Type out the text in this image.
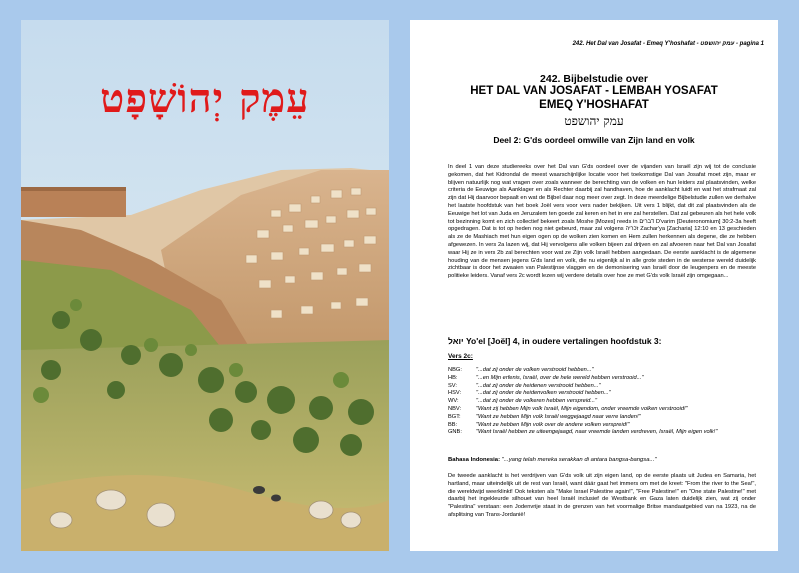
עֵמֶק יְהוֹשָׁפָט
242. Het Dal van Josafat - Emeq Y'hoshafat - עמק יהושפט - pagina 1
242. Bijbelstudie over
HET DAL VAN JOSAFAT - LEMBAH YOSAFAT
EMEQ Y'HOSHAFAT
עמק יהושפט
Deel 2: G'ds oordeel omwille van Zijn land en volk
In deel 1 van deze studiereeks over het Dal van G'ds oordeel over de vijanden van Israël zijn wij tot de conclusie gekomen, dat het Kidrondal de meest waarschijnlijke locatie voor het toekomstige Dal van Josafat moet zijn, maar er blijven natuurlijk nog wat vragen over zoals wanneer de berechting van de volken en hun leiders zal plaatsvinden, welke criteria de Eeuwige als Aanklager en als Rechter daarbij zal handhaven, hoe de aanklacht luidt en wat het strafmaat zal zijn dat Hij daarvoor bepaalt en wat de Bijbel daar nog meer over zegt. In deze meerdelige Bijbelstudie zullen we derhalve het laatste hoofdstuk van het boek Joël vers voor vers nader bekijken. Uit vers 1 blijkt, dat dit zal plaatsvinden als de Eeuwige het lot van Juda en Jeruzalem ten goede zal keren en het in ere zal herstellen. Dat zal gebeuren als het hele volk tot bezinning komt en zich collectief bekeert zoals Moshe [Mozes] reeds in דברים D'varim [Deuteronomium] 30:2-3a heeft opgedragen. Dat is tot op heden nog niet gebeurd, maar zal volgens זכריה Zachar'ya [Zacharia] 12:10 en 13 geschieden als ze de Mashiach met hun eigen ogen op de wolken zien komen en Hem zullen herkennen als degene, die ze hebben afgewezen. In vers 2a lazen wij, dat Hij vervolgens alle volken bijeen zal drijven en zal afvoeren naar het Dal van Josafat waar Hij ze in vers 2b zal berechten voor wat ze Zijn volk Israël hebben aangedaan. De eerste aanklacht is de algemene houding van de mensen jegens G'ds land en volk, die nu eigenlijk al in alle grote steden in de westerse wereld duidelijk zichtbaar is door het zwaaien van Palestijnse vlaggen en de demonisering van Israël door de leugenpers en de meeste politieke leiders. Vanaf vers 2c wordt lezen wij verdere details over hoe ze met G'ds volk Israël zijn omgegaan...
יואל Yo'el [Joël] 4, in oudere vertalingen hoofdstuk 3:
Vers 2c:
NBG:	"...dat zij onder de volken verstrooid hebben..."
HB:	"...en Mijn erfenis, Israël, over de hele wereld hebben verstrooid..."
SV:	"...dat zij onder de heidenen verstrooid hebben..."
HSV:	"...dat zij onder de heidenvolken verstrooid hebben..."
WV:	"...dat zij onder de volkeren hebben verspreid..."
NBV:	"Want zij hebben Mijn volk Israël, Mijn eigendom, onder vreemde volken verstrooid!"
BGT:	"Want ze hebben Mijn volk Israël weggejaagd naar verre landen!"
BB:	"Want ze hebben Mijn volk over de andere volken verspreid!"
GNB:	"Want Israël hebben ze uiteengejaagd, naar vreemde landen verdreven, Israël, Mijn eigen volk!"
Bahasa Indonesia: "...yang telah mereka serakkan di antara bangsa-bangsa..."
De tweede aanklacht is het verdrijven van G'ds volk uit zijn eigen land, op de eerste plaats uit Judea en Samaria, het hartland, maar uiteindelijk uit de rest van Israël, want dáár gaat het immers om met de kreet: "From the river to the Sea!", die wereldwijd weerklinkt! Ook teksten als "Make Israel Palestine again!", "Free Palestine!" en "One state Palestine!" met daarbij het ingekleurde silhouet van heel Israël inclusief de Westbank en Gaza laten duidelijk zien, wat zij onder "Palestina" verstaan: een Jodenvrije staat in de grenzen van het voormalige Britse mandaatgebied van na 1923, na de afsplitsing van Trans-Jordanië!
